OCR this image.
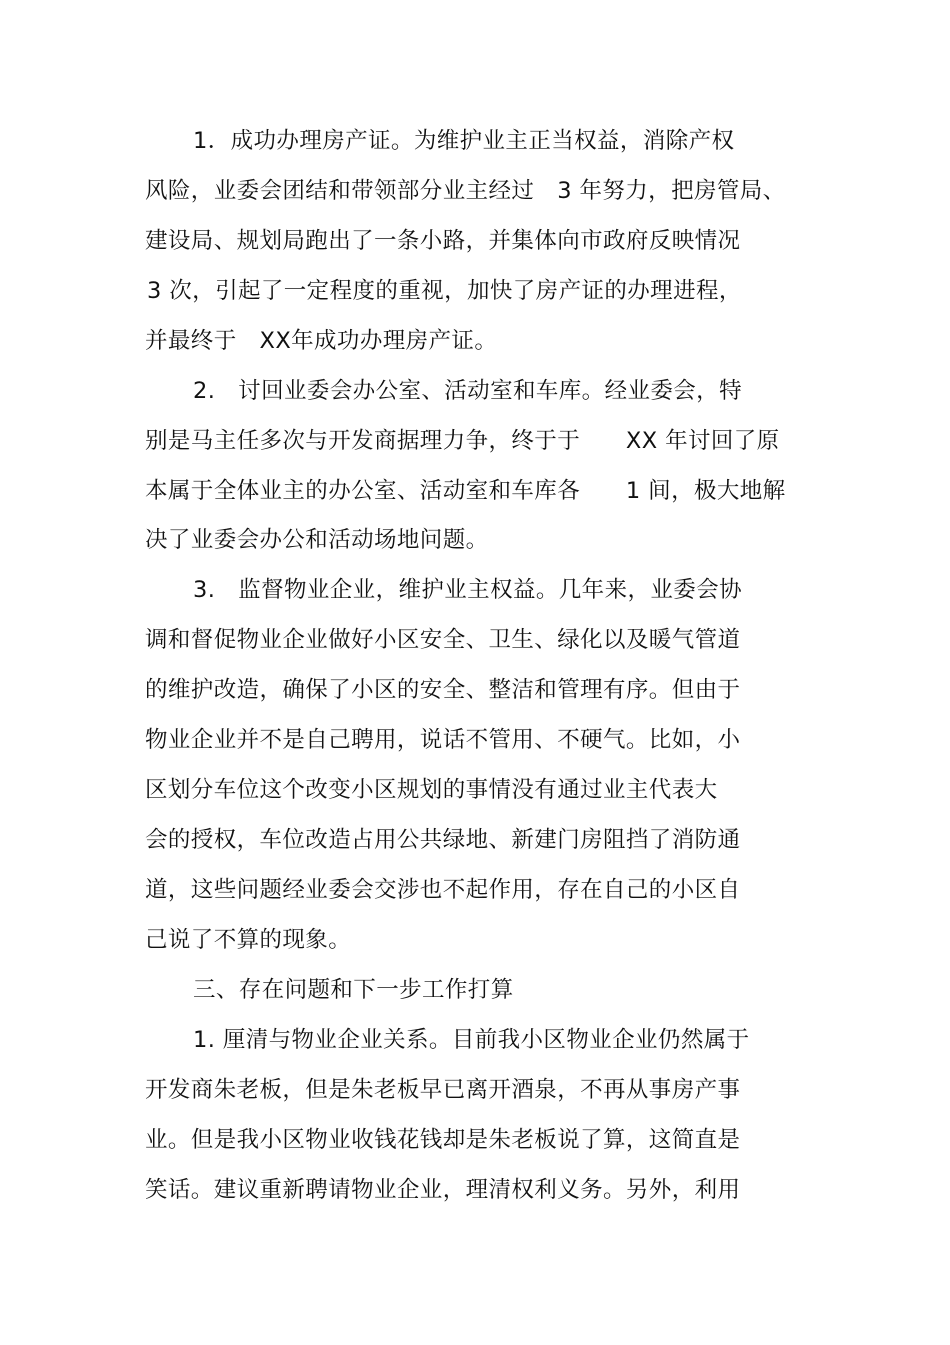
1．成功办理房产证。为维护业主正当权益，消除产权
风险，业委会团结和带领部分业主经过　3 年努力，把房管局、
建设局、规划局跑出了一条小路，并集体向市政府反映情况
3 次，引起了一定程度的重视，加快了房产证的办理进程，
并最终于　XX年成功办理房产证。
2.　讨回业委会办公室、活动室和车库。经业委会，特
别是马主任多次与开发商据理力争，终于于　　XX 年讨回了原
本属于全体业主的办公室、活动室和车库各　　1 间，极大地解
决了业委会办公和活动场地问题。
3.　监督物业企业，维护业主权益。几年来，业委会协
调和督促物业企业做好小区安全、卫生、绿化以及暖气管道
的维护改造，确保了小区的安全、整洁和管理有序。但由于
物业企业并不是自己聘用，说话不管用、不硬气。比如，小
区划分车位这个改变小区规划的事情没有通过业主代表大
会的授权，车位改造占用公共绿地、新建门房阻挡了消防通
道，这些问题经业委会交涉也不起作用，存在自己的小区自
己说了不算的现象。
三、存在问题和下一步工作打算
1. 厘清与物业企业关系。目前我小区物业企业仍然属于
开发商朱老板，但是朱老板早已离开酒泉，不再从事房产事
业。但是我小区物业收钱花钱却是朱老板说了算，这简直是
笑话。建议重新聘请物业企业，理清权利义务。另外，利用
